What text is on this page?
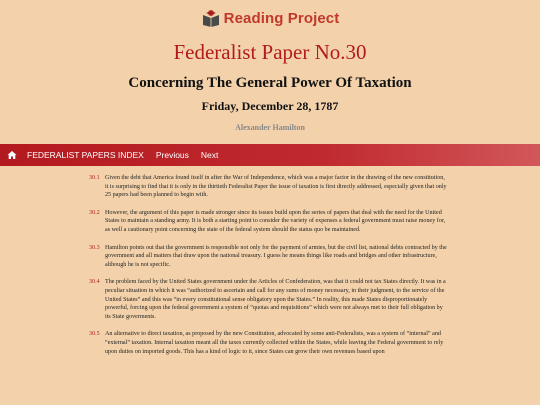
Reading Project
Federalist Paper No.30
Concerning The General Power Of Taxation
Friday, December 28, 1787
Alexander Hamilton
FEDERALIST PAPERS INDEX Previous Next
30.1 Given the debt that America found itself in after the War of Independence, which was a major factor in the drawing of the new constitution, it is surprising to find that it is only in the thirtieth Federalist Paper the issue of taxation is first directly addressed, especially given that only 25 papers had been planned to begin with.
30.2 However, the argument of this paper is made stronger since its issues build upon the series of papers that deal with the need for the United States to maintain a standing army. It is both a starting point to consider the variety of expenses a federal government must raise money for, as well a cautionary point concerning the state of the federal system should the status quo be maintained.
30.3 Hamilton points out that the government is responsible not only for the payment of armies, but the civil list, national debts contracted by the government and all matters that draw upon the national treasury. I guess he means things like roads and bridges and other infrastructure, although he is not specific.
30.4 The problem faced by the United States government under the Articles of Confederation, was that it could not tax States directly. It was in a peculiar situation in which it was “authorized to ascertain and call for any sums of money necessary, in their judgment, to the service of the United States” and this was “in every constitutional sense obligatory upon the States.” In reality, this made States disproportionately powerful, forcing upon the federal government a system of “quotas and requisitions” which were not always met to their full obligation by its State goverments.
30.5 An alternative to direct taxation, as proposed by the new Constitution, advocated by some anti-Federalists, was a system of “internal” and “external” taxation. Internal taxation meant all the taxes currently collected within the States, while leaving the Federal government to rely upon duties on imported goods. This has a kind of logic to it, since States can grow their own revenues based upon
